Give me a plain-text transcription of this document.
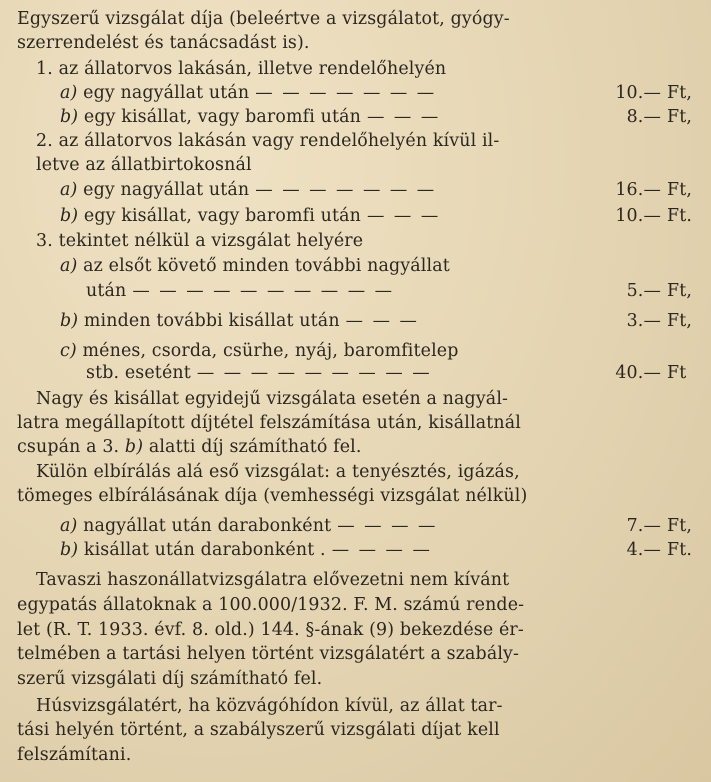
Egyszerű vizsgálat díja (beleértve a vizsgálatot, gyógy-
szerrendelést és tanácsadást is).
1. az állatorvos lakásán, illetve rendelőhelyén
a) egy nagyállat után — — — — — — —	10.— Ft,
b) egy kisállat, vagy baromfi után — — —	8.— Ft,
2. az állatorvos lakásán vagy rendelőhelyén kívül il-
letve az állatbirtokosnál
a) egy nagyállat után — — — — — — —	16.— Ft,
b) egy kisállat, vagy baromfi után — — —	10.— Ft.
3. tekintet nélkül a vizsgálat helyére
a) az elsőt követő minden további nagyállat
után — — — — — — — — — —	5.— Ft,
b) minden további kisállat után — — —	3.— Ft,
c) ménes, csorda, csürhe, nyáj, baromfitelep
stb. esetént — — — — — — — — —	40.— Ft
Nagy és kisállat egyidejű vizsgálata esetén a nagyál-
latra megállapított díjtétel felszámítása után, kisállatnál
csupán a 3. b) alatti díj számítható fel.
Külön elbírálás alá eső vizsgálat: a tenyésztés, igázás,
tömeges elbírálásának díja (vemhességi vizsgálat nélkül)
a) nagyállat után darabonként — — — —	7.— Ft,
b) kisállat után darabonként . — — — —	4.— Ft.
Tavaszi haszonállatvizsgálatra elővezetni nem kívánt
egypatás állatoknak a 100.000/1932. F. M. számú rende-
let (R. T. 1933. évf. 8. old.) 144. §-ának (9) bekezdése ér-
telmében a tartási helyen történt vizsgálatért a szabály-
szerű vizsgálati díj számítható fel.
Húsvizsgálatért, ha közvágóhídon kívül, az állat tar-
tási helyén történt, a szabályszerű vizsgálati díjat kell
felszámítani.
